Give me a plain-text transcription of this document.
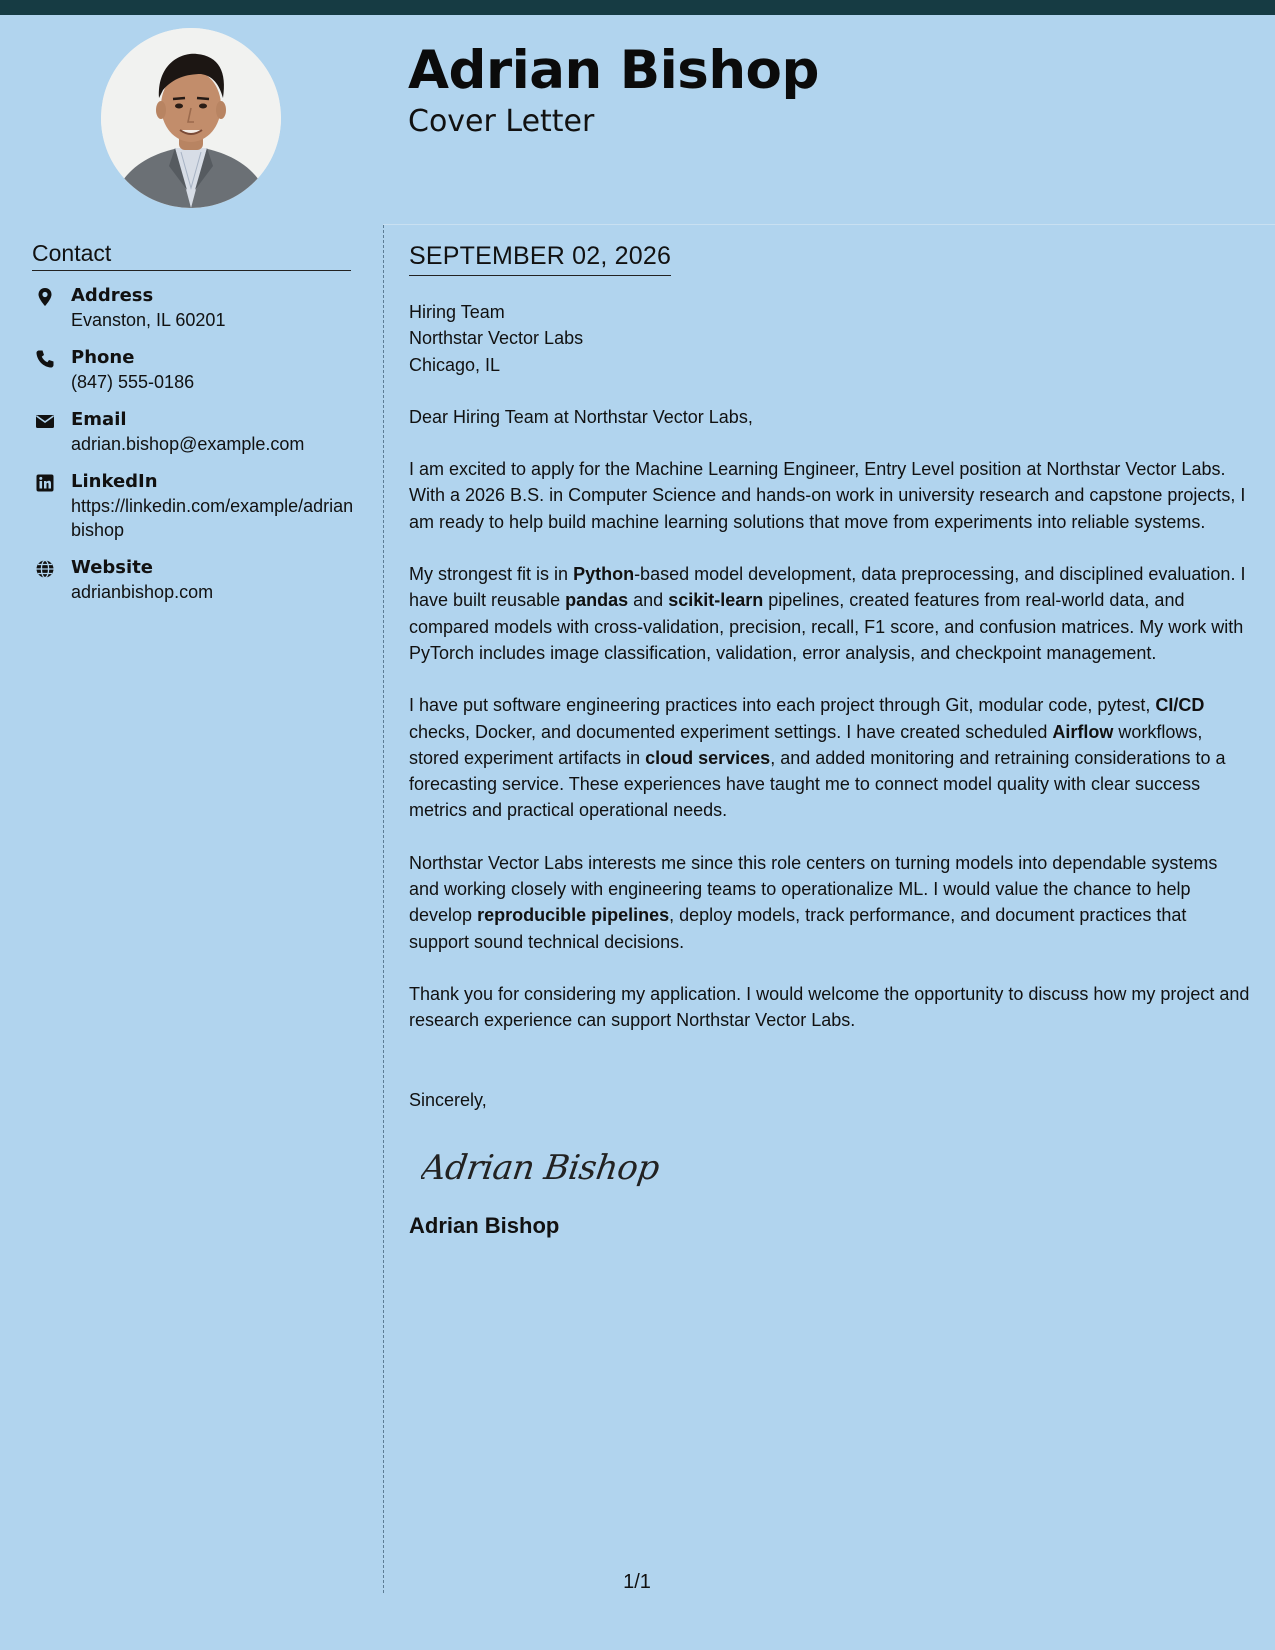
Adrian Bishop
Cover Letter
Contact
Address
Evanston, IL 60201
Phone
(847) 555-0186
Email
adrian.bishop@example.com
LinkedIn
https://linkedin.com/example/adrianbishop
Website
adrianbishop.com
SEPTEMBER 02, 2026
Hiring Team
Northstar Vector Labs
Chicago, IL
Dear Hiring Team at Northstar Vector Labs,

I am excited to apply for the Machine Learning Engineer, Entry Level position at Northstar Vector Labs. With a 2026 B.S. in Computer Science and hands-on work in university research and capstone projects, I am ready to help build machine learning solutions that move from experiments into reliable systems.

My strongest fit is in Python-based model development, data preprocessing, and disciplined evaluation. I have built reusable pandas and scikit-learn pipelines, created features from real-world data, and compared models with cross-validation, precision, recall, F1 score, and confusion matrices. My work with PyTorch includes image classification, validation, error analysis, and checkpoint management.

I have put software engineering practices into each project through Git, modular code, pytest, CI/CD checks, Docker, and documented experiment settings. I have created scheduled Airflow workflows, stored experiment artifacts in cloud services, and added monitoring and retraining considerations to a forecasting service. These experiences have taught me to connect model quality with clear success metrics and practical operational needs.

Northstar Vector Labs interests me since this role centers on turning models into dependable systems and working closely with engineering teams to operationalize ML. I would value the chance to help develop reproducible pipelines, deploy models, track performance, and document practices that support sound technical decisions.

Thank you for considering my application. I would welcome the opportunity to discuss how my project and research experience can support Northstar Vector Labs.

Sincerely,
Adrian Bishop
Adrian Bishop
1/1
